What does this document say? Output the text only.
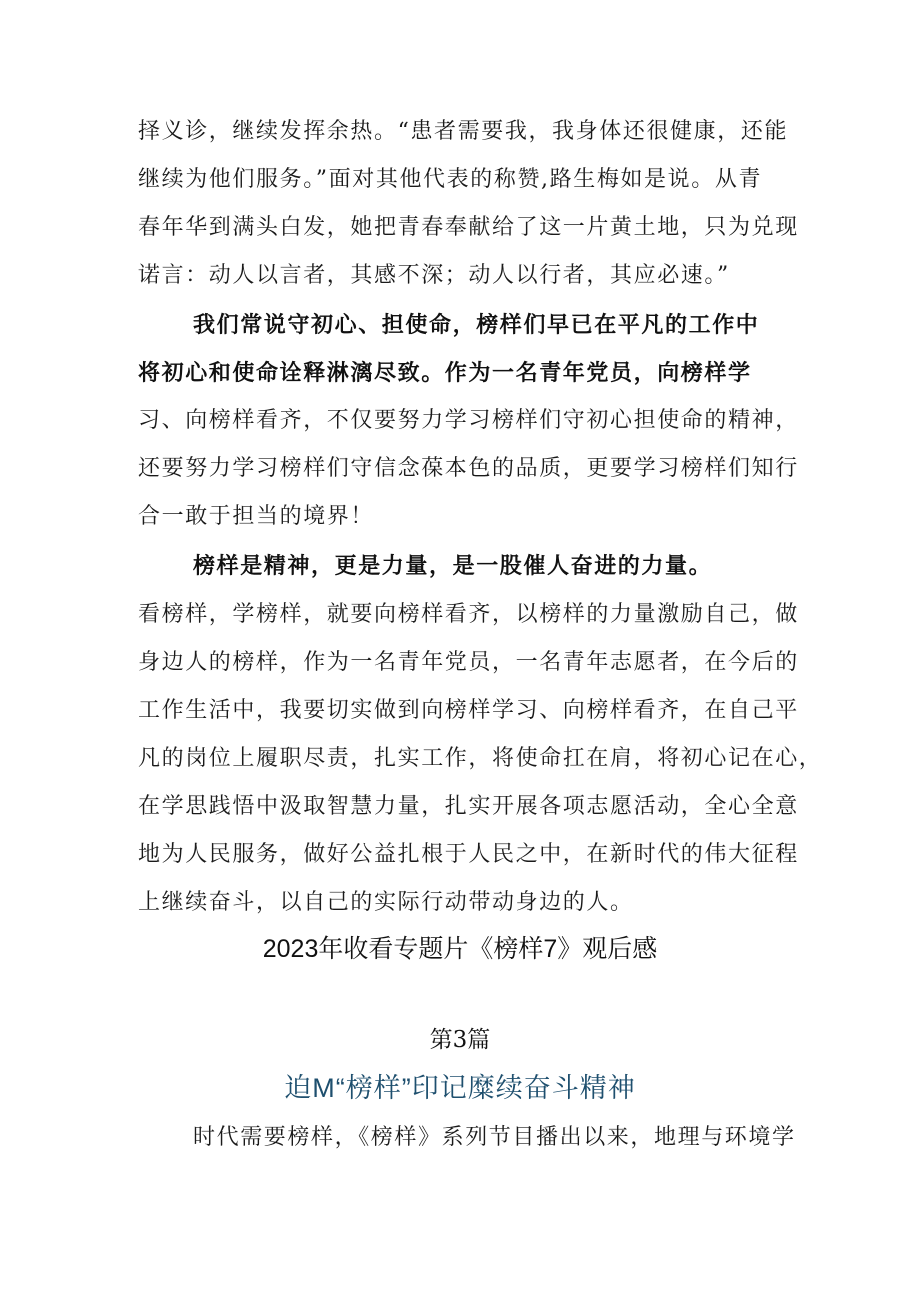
择义诊，继续发挥余热。“患者需要我，我身体还很健康，还能
继续为他们服务。”面对其他代表的称赞,路生梅如是说。从青
春年华到满头白发，她把青春奉献给了这一片黄土地，只为兑现
诺言：动人以言者，其感不深；动人以行者，其应必速。”
我们常说守初心、担使命，榜样们早已在平凡的工作中
将初心和使命诠释淋漓尽致。作为一名青年党员，向榜样学
习、向榜样看齐，不仅要努力学习榜样们守初心担使命的精神，
还要努力学习榜样们守信念葆本色的品质，更要学习榜样们知行
合一敢于担当的境界！
榜样是精神，更是力量，是一股催人奋进的力量。
看榜样，学榜样，就要向榜样看齐，以榜样的力量激励自己，做
身边人的榜样，作为一名青年党员，一名青年志愿者，在今后的
工作生活中，我要切实做到向榜样学习、向榜样看齐，在自己平
凡的岗位上履职尽责，扎实工作，将使命扛在肩，将初心记在心，
在学思践悟中汲取智慧力量，扎实开展各项志愿活动，全心全意
地为人民服务，做好公益扎根于人民之中，在新时代的伟大征程
上继续奋斗，以自己的实际行动带动身边的人。
2023年收看专题片《榜样7》观后感
第3篇
迫M“榜样”印记糜续奋斗精神
时代需要榜样，《榜样》系列节目播出以来，地理与环境学
